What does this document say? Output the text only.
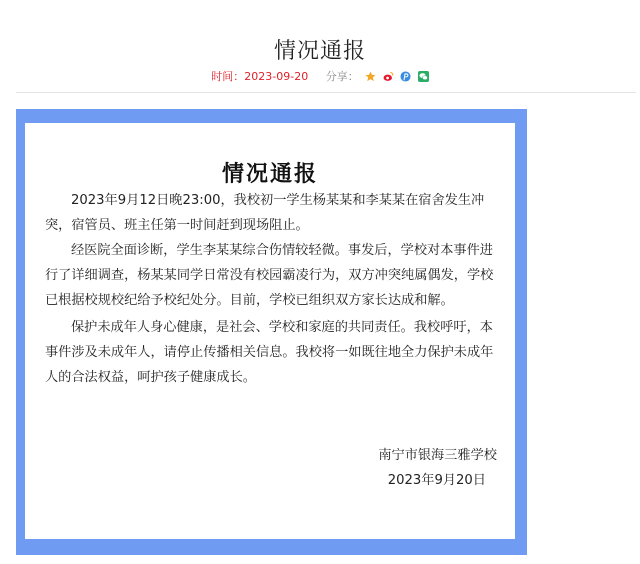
情况通报
时间：2023-09-20 分享：
情况通报

2023年9月12日晚23:00，我校初一学生杨某某和李某某在宿舍发生冲突，宿管员、班主任第一时间赶到现场阻止。

经医院全面诊断，学生李某某综合伤情较轻微。事发后，学校对本事件进行了详细调查，杨某某同学日常没有校园霸凌行为，双方冲突纯属偶发，学校已根据校规校纪给予校纪处分。目前，学校已组织双方家长达成和解。

保护未成年人身心健康，是社会、学校和家庭的共同责任。我校呼吁，本事件涉及未成年人，请停止传播相关信息。我校将一如既往地全力保护未成年人的合法权益，呵护孩子健康成长。

南宁市银海三雅学校
2023年9月20日
